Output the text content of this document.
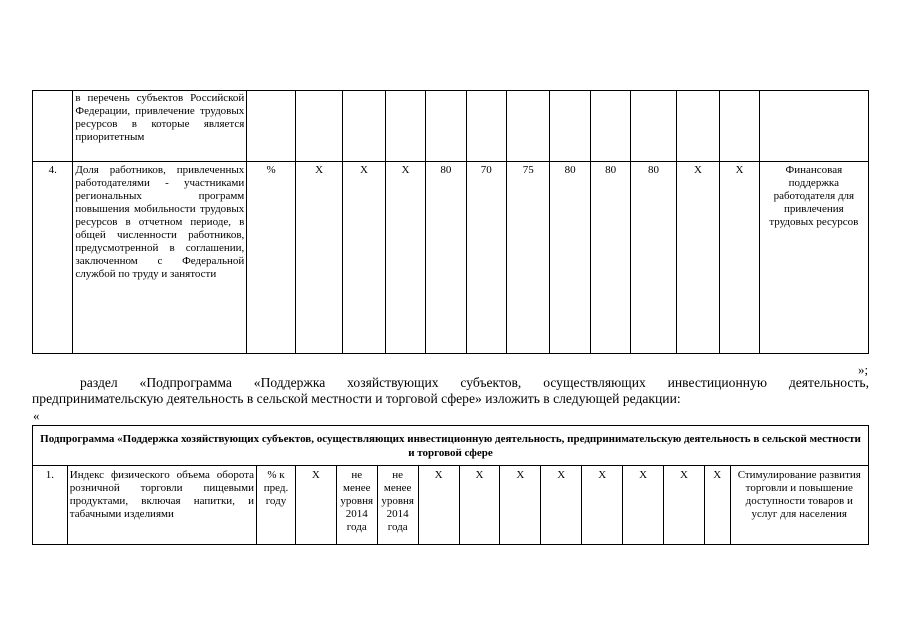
	в перечень субъектов Российской Федерации, привлечение трудовых ресурсов в которые является приоритетным													
4.	Доля работников, привлеченных работодателями - участниками региональных программ повышения мобильности трудовых ресурсов в отчетном периоде, в общей численности работников, предусмотренной в соглашении, заключенном с Федеральной службой по труду и занятости	%	Х	Х	Х	80	70	75	80	80	80	Х	Х	Финансовая поддержка работодателя для привлечения трудовых ресурсов
»;
раздел «Подпрограмма «Поддержка хозяйствующих субъектов, осуществляющих инвестиционную деятельность, предпринимательскую деятельность в сельской местности и торговой сфере» изложить в следующей редакции:
«
Подпрограмма «Поддержка хозяйствующих субъектов, осуществляющих инвестиционную деятельность, предпринимательскую деятельность в сельской местности и торговой сфере
1.	Индекс физического объема оборота розничной торговли пищевыми продуктами, включая напитки, и табачными изделиями	% к пред. году	Х	не менее уровня 2014 года	не менее уровня 2014 года	Х	Х	Х	Х	Х	Х	Х	Х	Стимулирование развития торговли и повышение доступности товаров и услуг для населения
